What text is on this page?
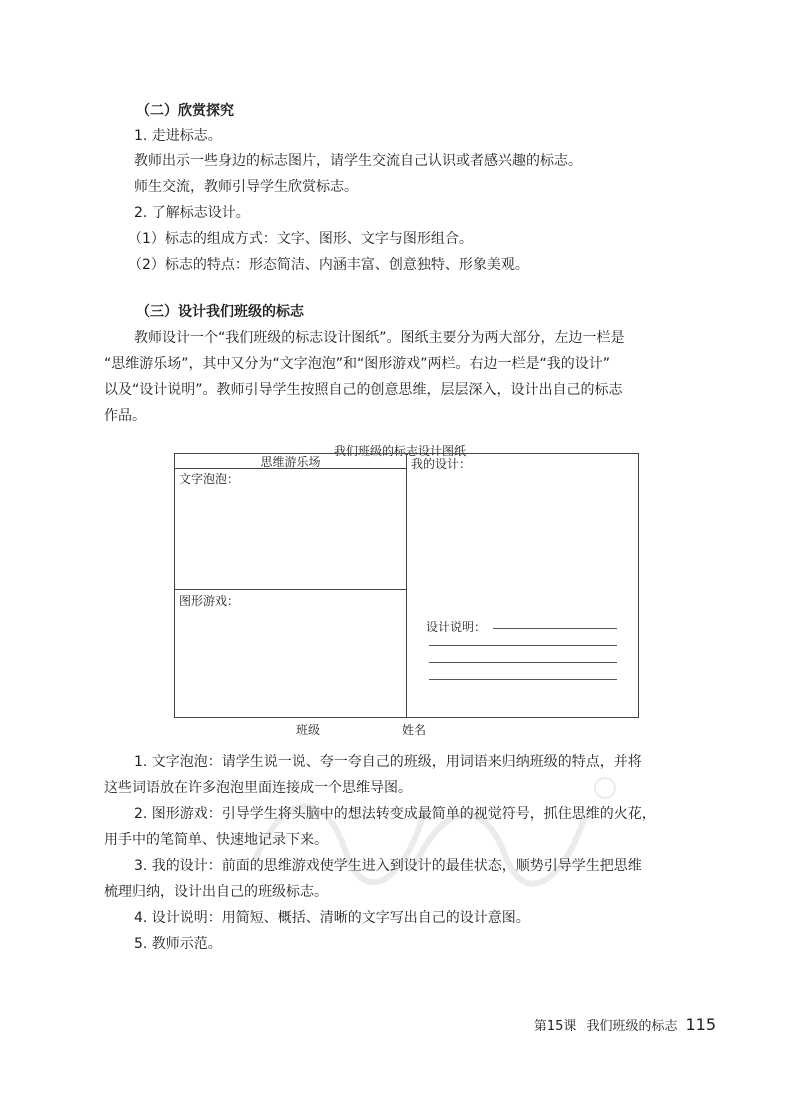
（二）欣赏探究
1. 走进标志。
教师出示一些身边的标志图片，请学生交流自己认识或者感兴趣的标志。
师生交流，教师引导学生欣赏标志。
2. 了解标志设计。
（1）标志的组成方式：文字、图形、文字与图形组合。
（2）标志的特点：形态简洁、内涵丰富、创意独特、形象美观。
（三）设计我们班级的标志
教师设计一个“我们班级的标志设计图纸”。图纸主要分为两大部分，左边一栏是
“思维游乐场”，其中又分为“文字泡泡”和“图形游戏”两栏。右边一栏是“我的设计”
以及“设计说明”。教师引导学生按照自己的创意思维，层层深入，设计出自己的标志
作品。
我们班级的标志设计图纸
思维游乐场
文字泡泡：
图形游戏：
我的设计：
设计说明：
班级	姓名
1. 文字泡泡：请学生说一说、夸一夸自己的班级，用词语来归纳班级的特点，并将
这些词语放在许多泡泡里面连接成一个思维导图。
2. 图形游戏：引导学生将头脑中的想法转变成最简单的视觉符号，抓住思维的火花，
用手中的笔简单、快速地记录下来。
3. 我的设计：前面的思维游戏使学生进入到设计的最佳状态，顺势引导学生把思维
梳理归纳，设计出自己的班级标志。
4. 设计说明：用简短、概括、清晰的文字写出自己的设计意图。
5. 教师示范。
第15课 我们班级的标志 115
